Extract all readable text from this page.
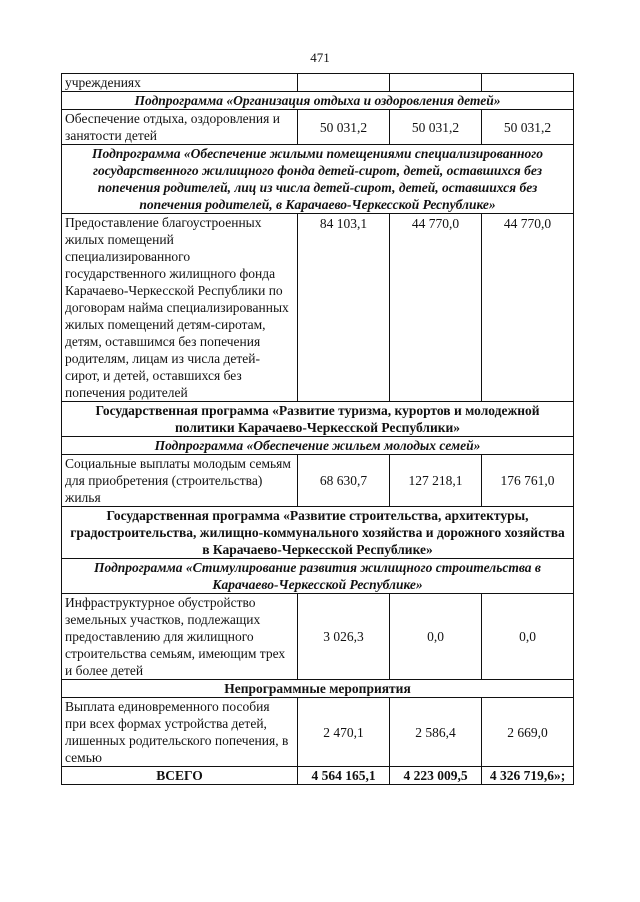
471
учреждениях			
Подпрограмма «Организация отдыха и оздоровления детей»			
Обеспечение отдыха, оздоровления и занятости детей	50 031,2	50 031,2	50 031,2
Подпрограмма «Обеспечение жилыми помещениями специализированного государственного жилищного фонда детей-сирот, детей, оставшихся без попечения родителей, лиц из числа детей-сирот, детей, оставшихся без попечения родителей, в Карачаево-Черкесской Республике»			
Предоставление благоустроенных жилых помещений специализированного государственного жилищного фонда Карачаево-Черкесской Республики по договорам найма специализированных жилых помещений детям-сиротам, детям, оставшимся без попечения родителям, лицам из числа детей-сирот, и детей, оставшихся без попечения родителей	84 103,1	44 770,0	44 770,0
Государственная программа «Развитие туризма, курортов и молодежной политики Карачаево-Черкесской Республики»			
Подпрограмма «Обеспечение жильем молодых семей»			
Социальные выплаты молодым семьям для приобретения (строительства) жилья	68 630,7	127 218,1	176 761,0
Государственная программа «Развитие строительства, архитектуры, градостроительства, жилищно-коммунального хозяйства и дорожного хозяйства в Карачаево-Черкесской Республике»			
Подпрограмма «Стимулирование развития жилищного строительства в Карачаево-Черкесской Республике»			
Инфраструктурное обустройство земельных участков, подлежащих предоставлению для жилищного строительства семьям, имеющим трех и более детей	3 026,3	0,0	0,0
Непрограммные мероприятия			
Выплата единовременного пособия при всех формах устройства детей, лишенных родительского попечения, в семью	2 470,1	2 586,4	2 669,0
ВСЕГО	4 564 165,1	4 223 009,5	4 326 719,6»;
